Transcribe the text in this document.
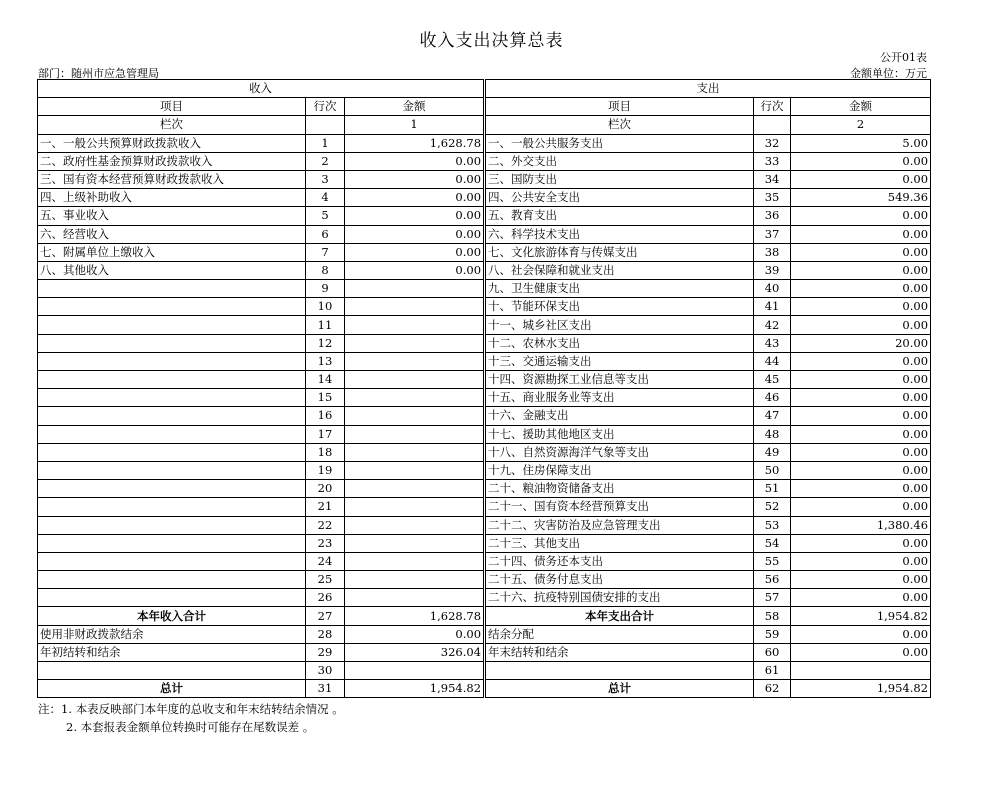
收入支出决算总表
公开01表
部门：随州市应急管理局	金额单位：万元
收入				支出		
项目	行次	金额		项目	行次	金额
栏次		1		栏次		2
一、一般公共预算财政拨款收入	1	1,628.78		一、一般公共服务支出	32	5.00
二、政府性基金预算财政拨款收入	2	0.00		二、外交支出	33	0.00
三、国有资本经营预算财政拨款收入	3	0.00		三、国防支出	34	0.00
四、上级补助收入	4	0.00		四、公共安全支出	35	549.36
五、事业收入	5	0.00		五、教育支出	36	0.00
六、经营收入	6	0.00		六、科学技术支出	37	0.00
七、附属单位上缴收入	7	0.00		七、文化旅游体育与传媒支出	38	0.00
八、其他收入	8	0.00		八、社会保障和就业支出	39	0.00
	9			九、卫生健康支出	40	0.00
	10			十、节能环保支出	41	0.00
	11			十一、城乡社区支出	42	0.00
	12			十二、农林水支出	43	20.00
	13			十三、交通运输支出	44	0.00
	14			十四、资源勘探工业信息等支出	45	0.00
	15			十五、商业服务业等支出	46	0.00
	16			十六、金融支出	47	0.00
	17			十七、援助其他地区支出	48	0.00
	18			十八、自然资源海洋气象等支出	49	0.00
	19			十九、住房保障支出	50	0.00
	20			二十、粮油物资储备支出	51	0.00
	21			二十一、国有资本经营预算支出	52	0.00
	22			二十二、灾害防治及应急管理支出	53	1,380.46
	23			二十三、其他支出	54	0.00
	24			二十四、债务还本支出	55	0.00
	25			二十五、债务付息支出	56	0.00
	26			二十六、抗疫特别国债安排的支出	57	0.00
本年收入合计	27	1,628.78		本年支出合计	58	1,954.82
使用非财政拨款结余	28	0.00		结余分配	59	0.00
年初结转和结余	29	326.04		年末结转和结余	60	0.00
	30				61	
总计	31	1,954.82		总计	62	1,954.82
注：1. 本表反映部门本年度的总收支和年末结转结余情况 。
2. 本套报表金额单位转换时可能存在尾数误差 。
